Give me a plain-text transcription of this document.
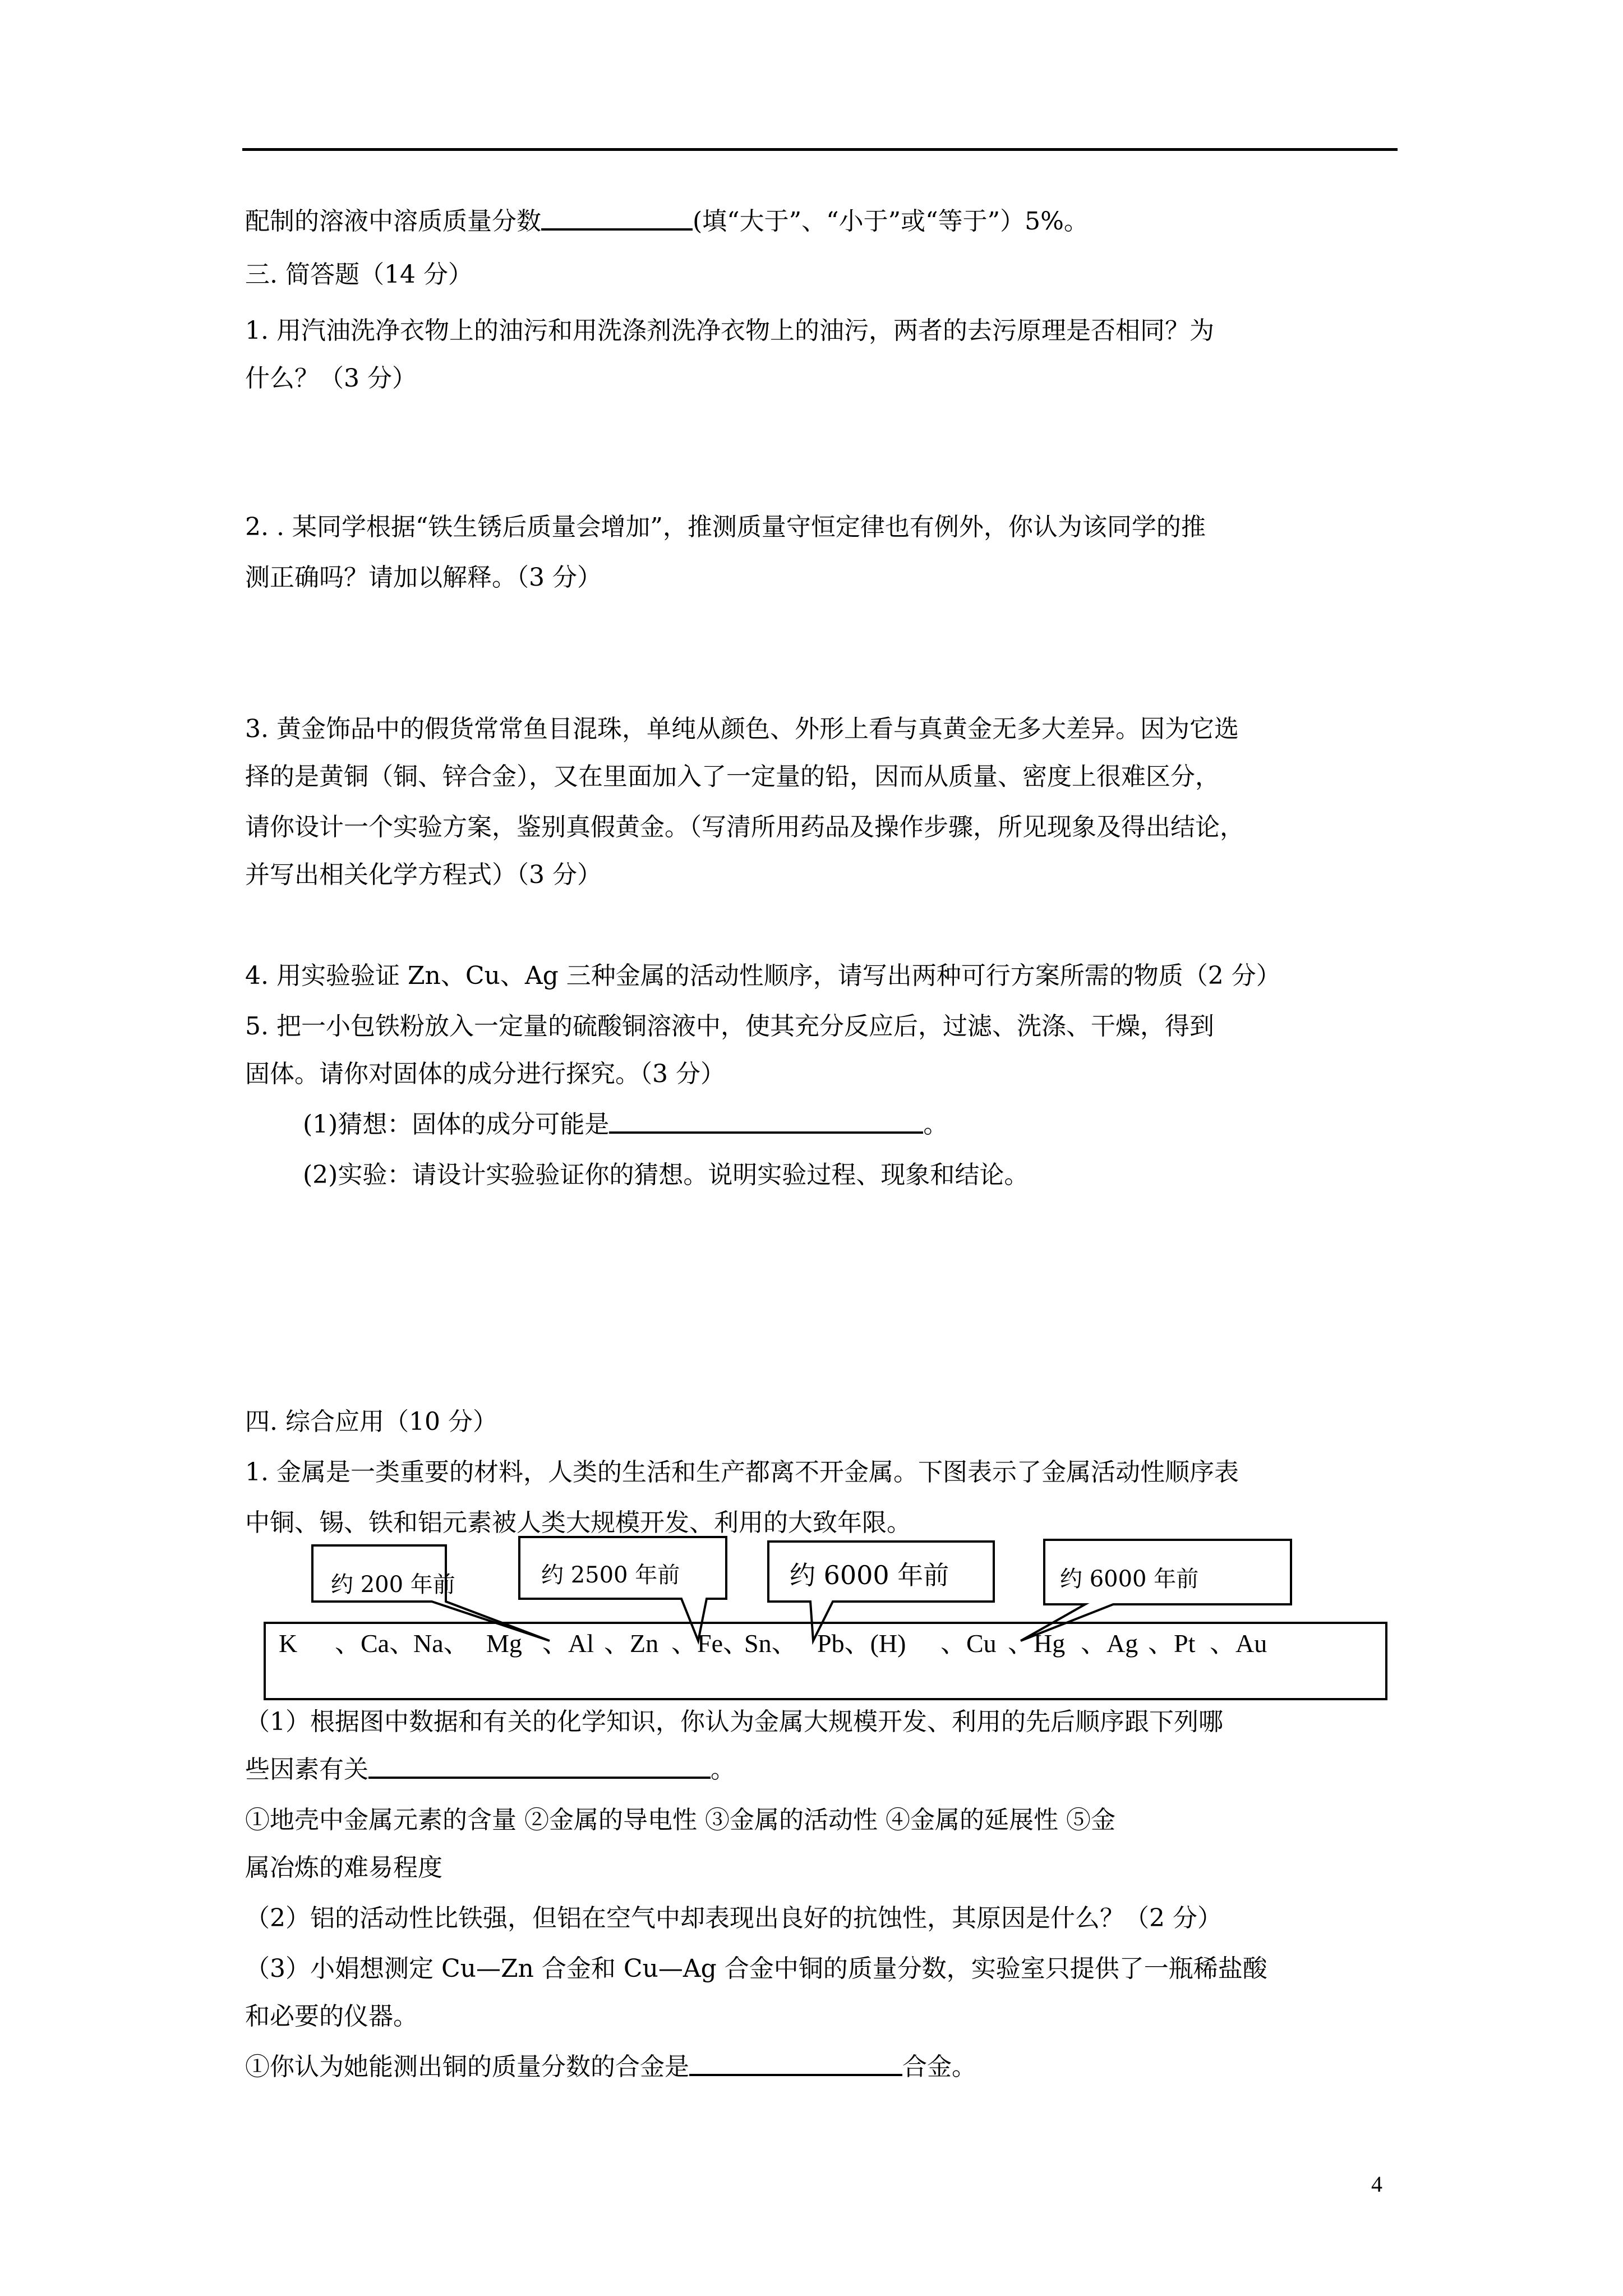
配制的溶液中溶质质量分数	(填“大于”、“小于”或“等于”）5%。
三. 简答题（14 分）
1. 用汽油洗净衣物上的油污和用洗涤剂洗净衣物上的油污，两者的去污原理是否相同？为
什么？（3 分）
2. . 某同学根据“铁生锈后质量会增加”，推测质量守恒定律也有例外，你认为该同学的推
测正确吗？请加以解释。（3 分）
3. 黄金饰品中的假货常常鱼目混珠，单纯从颜色、外形上看与真黄金无多大差异。因为它选
择的是黄铜（铜、锌合金），又在里面加入了一定量的铅，因而从质量、密度上很难区分，
请你设计一个实验方案，鉴别真假黄金。（写清所用药品及操作步骤，所见现象及得出结论，
并写出相关化学方程式）（3 分）
4. 用实验验证 Zn、Cu、Ag 三种金属的活动性顺序，请写出两种可行方案所需的物质（2 分）
5. 把一小包铁粉放入一定量的硫酸铜溶液中，使其充分反应后，过滤、洗涤、干燥，得到
固体。请你对固体的成分进行探究。（3 分）
(1)猜想：固体的成分可能是	。
(2)实验：请设计实验验证你的猜想。说明实验过程、现象和结论。
四. 综合应用（10 分）
1. 金属是一类重要的材料，人类的生活和生产都离不开金属。下图表示了金属活动性顺序表
中铜、锡、铁和铝元素被人类大规模开发、利用的大致年限。
约 200 年前	约 2500 年前	约 6000 年前	约 6000 年前
K 、Ca、Na、 Mg 、Al 、Zn 、Fe、Sn、 Pb、(H) 、Cu 、Hg 、Ag 、Pt 、Au
（1）根据图中数据和有关的化学知识，你认为金属大规模开发、利用的先后顺序跟下列哪
些因素有关	。
①地壳中金属元素的含量 ②金属的导电性 ③金属的活动性 ④金属的延展性 ⑤金
属冶炼的难易程度
（2）铝的活动性比铁强，但铝在空气中却表现出良好的抗蚀性，其原因是什么？（2 分）
（3）小娟想测定 Cu—Zn 合金和 Cu—Ag 合金中铜的质量分数，实验室只提供了一瓶稀盐酸
和必要的仪器。
①你认为她能测出铜的质量分数的合金是	合金。
4
